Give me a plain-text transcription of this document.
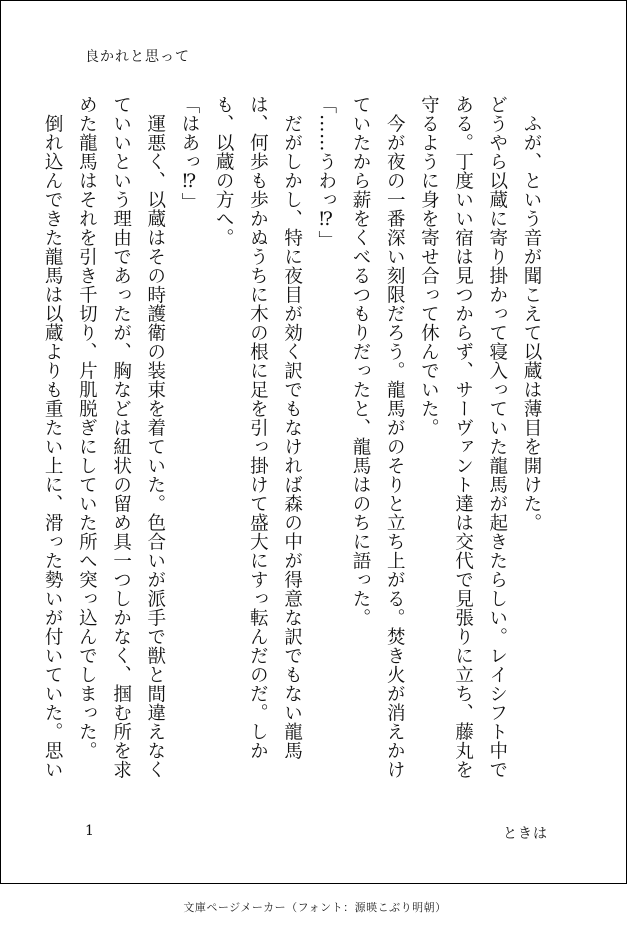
良かれと思って

　ふが、という音が聞こえて以蔵は薄目を開けた。

どうやら以蔵に寄り掛かって寝入っていた龍馬が起きたらしい。レイシフト中である。丁度いい宿は見つからず、サーヴァント達は交代で見張りに立ち、藤丸を守るように身を寄せ合って休んでいた。

　今が夜の一番深い刻限だろう。龍馬がのそりと立ち上がる。焚き火が消えかけていたから薪をくべるつもりだったと、龍馬はのちに語った。

「……うわっ⁉」

　だがしかし、特に夜目が効く訳でもなければ森の中が得意な訳でもない龍馬は、何歩も歩かぬうちに木の根に足を引っ掛けて盛大にすっ転んだのだ。しかも、以蔵の方へ。

「はあっ⁉」

　運悪く、以蔵はその時護衛の装束を着ていた。色合いが派手で獣と間違えなくていいという理由であったが、胸などは紐状の留め具一つしかなく、掴む所を求めた龍馬はそれを引き千切り、片肌脱ぎにしていた所へ突っ込んでしまった。

　倒れ込んできた龍馬は以蔵よりも重たい上に、滑った勢いが付いていた。思い

1	ときは
文庫ページメーカー（フォント：源暎こぶり明朝）
